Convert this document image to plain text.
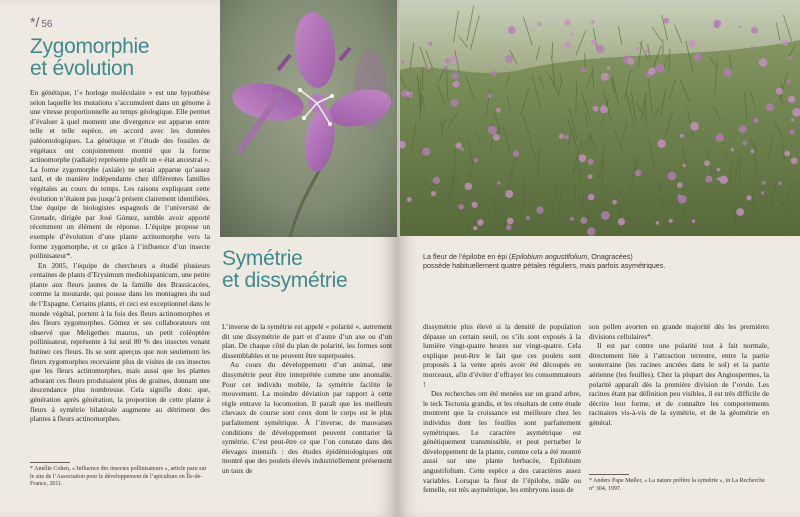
*/ 56
Zygomorphie
et évolution

En génétique, l’« horloge moléculaire » est une hypothèse selon laquelle les mutations s’accumulent dans un génome à une vitesse proportionnelle au temps géologique. Elle permet d’évaluer à quel moment une divergence est apparue entre telle et telle espèce, en accord avec les données paléontologiques. La génétique et l’étude des fossiles de végétaux ont conjointement montré que la forme actinomorphe (radiale) représente plutôt un « état ancestral ». La forme zygomorphe (axiale) ne serait apparue qu’assez tard, et de manière indépendante chez différentes familles végétales au cours du temps. Les raisons expliquant cette évolution n’étaient pas jusqu’à présent clairement identifiées. Une équipe de biologistes espagnols de l’université de Grenade, dirigée par José Gómez, semble avoir apporté récemment un élément de réponse. L’équipe propose un exemple d’évolution d’une plante actinomorphe vers la forme zygomorphe, et ce grâce à l’influence d’un insecte pollinisateur*.

En 2005, l’équipe de chercheurs a étudié plusieurs centaines de plants d’Erysimum mediohispanicum, une petite plante aux fleurs jaunes de la famille des Brassicacées, comme la moutarde, qui pousse dans les montagnes du sud de l’Espagne. Certains plants, et ceci est exceptionnel dans le monde végétal, portent à la fois des fleurs actinomorphes et des fleurs zygomorphes. Gómez et ses collaborateurs ont observé que Meligethes maurus, un petit coléoptère pollinisateur, représente à lui seul 80 % des insectes venant butiner ces fleurs. Ils se sont aperçus que non seulement les fleurs zygomorphes recevaient plus de visites de ces insectes que les fleurs actinomorphes, mais aussi que les plantes arborant ces fleurs produisaient plus de graines, donnant une descendance plus nombreuse. Cela signifie donc que, génération après génération, la proportion de cette plante à fleurs à symétrie bilatérale augmente au détriment des plantes à fleurs actinomorphes.

* Amélie Cohen, « Influence des insectes pollinisateurs », article paru sur le site de l’Association pour le développement de l’apiculture en Île-de-France, 2011.
Symétrie
et dissymétrie

L’inverse de la symétrie est appelé « polarité », autrement dit une dissymétrie de part et d’autre d’un axe ou d’un plan. De chaque côté du plan de polarité, les formes sont dissemblables et ne peuvent être superposées.

Au cours du développement d’un animal, une dissymétrie peut être interprétée comme une anomalie. Pour cet individu mobile, la symétrie facilite le mouvement. La moindre déviation par rapport à cette règle entrave la locomotion. Il paraît que les meilleurs chevaux de course sont ceux dont le corps est le plus parfaitement symétrique. À l’inverse, de mauvaises conditions de développement peuvent contrarier la symétrie. C’est peut-être ce que l’on constate dans des élevages intensifs : des études épidémiologiques ont montré que des poulets élevés industriellement présentent un taux de

La fleur de l’épilobe en épi (Epilobium angustifolium, Onagracées)
possède habituellement quatre pétales réguliers, mais parfois asymétriques.

dissymétrie plus élevé si la densité de population dépasse un certain seuil, ou s’ils sont exposés à la lumière vingt-quatre heures sur vingt-quatre. Cela explique peut-être le fait que ces poulets sont proposés à la vente après avoir été découpés en morceaux, afin d’éviter d’effrayer les consommateurs !

Des recherches ont été menées sur un grand arbre, le teck Tectonia grandis, et les résultats de cette étude montrent que la croissance est meilleure chez les individus dont les feuilles sont parfaitement symétriques. Le caractère asymétrique est génétiquement transmissible, et peut perturber le développement de la plante, comme cela a été montré aussi sur une plante herbacée, Epilobium angustifolium. Cette espèce a des caractères assez variables. Lorsque la fleur de l’épilobe, mâle ou femelle, est très asymétrique, les embryons issus de

son pollen avorten en grande majorité dès les premières divisions cellulaires*.

Il est par contre une polarité tout à fait normale, directement liée à l’attraction terrestre, entre la partie souterraine (les racines ancrées dans le sol) et la partie aérienne (les feuilles). Chez la plupart des Angiospermes, la polarité apparaît dès la première division de l’ovule. Les racines étant par définition peu visibles, il est très difficile de décrire leur forme, et de connaître les comportements racinaires vis-à-vis de la symétrie, et de la géométrie en général.

* Anders Pape Møller, « La nature préfère la symétrie », in La Recherche n° 304, 1997.
